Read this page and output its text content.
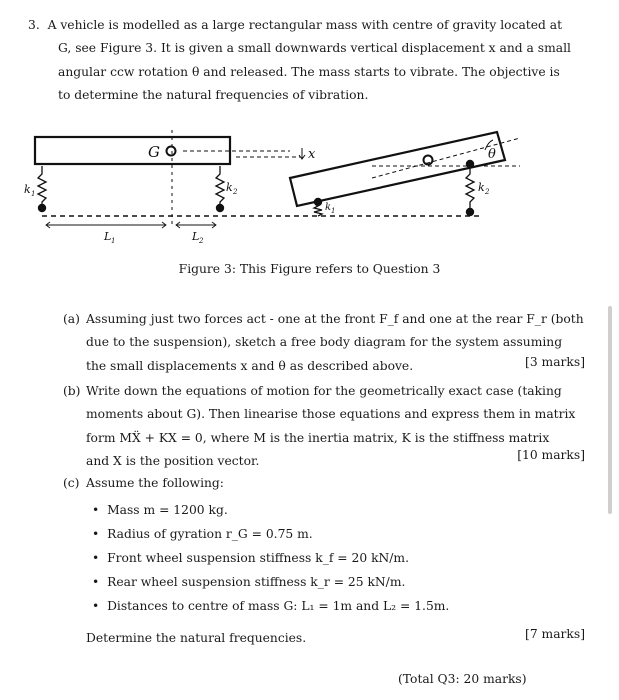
3. A vehicle is modelled as a large rectangular mass with centre of gravity located at
G, see Figure 3. It is given a small downwards vertical displacement x and a small
angular ccw rotation θ and released. The mass starts to vibrate. The objective is
to determine the natural frequencies of vibration.
G
k 1	k 2
L 1	L 2
x	θ
k 1
k 2
Figure 3: This Figure refers to Question 3
(a) Assuming just two forces act - one at the front F_f and one at the rear F_r (both
due to the suspension), sketch a free body diagram for the system assuming
the small displacements x and θ as described above.	[3 marks]
(b) Write down the equations of motion for the geometrically exact case (taking
moments about G). Then linearise those equations and express them in matrix
form MẌ + KX = 0, where M is the inertia matrix, K is the stiffness matrix
and X is the position vector.	[10 marks]
(c) Assume the following:
•  Mass m = 1200 kg.
•  Radius of gyration r_G = 0.75 m.
•  Front wheel suspension stiffness k_f = 20 kN/m.
•  Rear wheel suspension stiffness k_r = 25 kN/m.
•  Distances to centre of mass G: L₁ = 1m and L₂ = 1.5m.
Determine the natural frequencies.	[7 marks]
(Total Q3: 20 marks)
